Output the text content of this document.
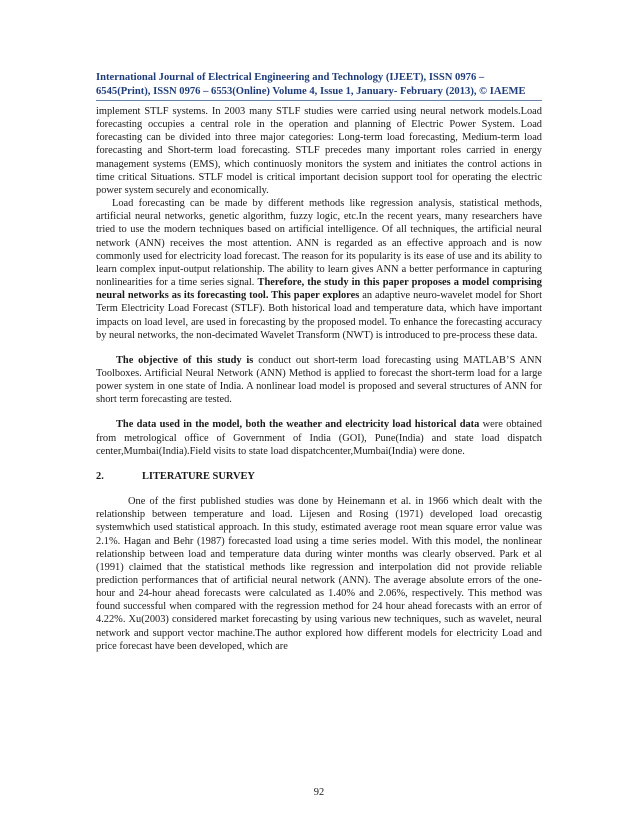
International Journal of Electrical Engineering and Technology (IJEET), ISSN 0976 –
6545(Print), ISSN 0976 – 6553(Online) Volume 4, Issue 1, January- February (2013), © IAEME

implement STLF systems. In 2003 many STLF studies were carried using neural network models.Load forecasting occupies a central role in the operation and planning of Electric Power System. Load forecasting can be divided into three major categories: Long-term load forecasting, Medium-term load forecasting and Short-term load forecasting. STLF precedes many important roles carried in energy management systems (EMS), which continuosly monitors the system and initiates the control actions in time critical Situations. STLF model is critical important decision support tool for operating the electric power system securely and economically.

Load forecasting can be made by different methods like regression analysis, statistical methods, artificial neural networks, genetic algorithm, fuzzy logic, etc.In the recent years, many researchers have tried to use the modern techniques based on artificial intelligence. Of all techniques, the artificial neural network (ANN) receives the most attention. ANN is regarded as an effective approach and is now commonly used for electricity load forecast. The reason for its popularity is its ease of use and its ability to learn complex input-output relationship. The ability to learn gives ANN a better performance in capturing nonlinearities for a time series signal. Therefore, the study in this paper proposes a model comprising neural networks as its forecasting tool. This paper explores an adaptive neuro-wavelet model for Short Term Electricity Load Forecast (STLF). Both historical load and temperature data, which have important impacts on load level, are used in forecasting by the proposed model. To enhance the forecasting accuracy by neural networks, the non-decimated Wavelet Transform (NWT) is introduced to pre-process these data.

The objective of this study is conduct out short-term load forecasting using MATLAB’S ANN Toolboxes. Artificial Neural Network (ANN) Method is applied to forecast the short-term load for a large power system in one state of India. A nonlinear load model is proposed and several structures of ANN for short term forecasting are tested.

The data used in the model, both the weather and electricity load historical data were obtained from metrological office of Government of India (GOI), Pune(India) and state load dispatch center,Mumbai(India).Field visits to state load dispatchcenter,Mumbai(India) were done.

2.	LITERATURE SURVEY

One of the first published studies was done by Heinemann et al. in 1966 which dealt with the relationship between temperature and load. Lijesen and Rosing (1971) developed load orecastig systemwhich used statistical approach. In this study, estimated average root mean square error value was 2.1%. Hagan and Behr (1987) forecasted load using a time series model. With this model, the nonlinear relationship between load and temperature data during winter months was clearly observed. Park et al (1991) claimed that the statistical methods like regression and interpolation did not provide reliable prediction performances that of artificial neural network (ANN). The average absolute errors of the one-hour and 24-hour ahead forecasts were calculated as 1.40% and 2.06%, respectively. This method was found successful when compared with the regression method for 24 hour ahead forecasts with an error of 4.22%. Xu(2003) considered market forecasting by using various new techniques, such as wavelet, neural network and support vector machine.The author explored how different models for electricity Load and price forecast have been developed, which are

92
